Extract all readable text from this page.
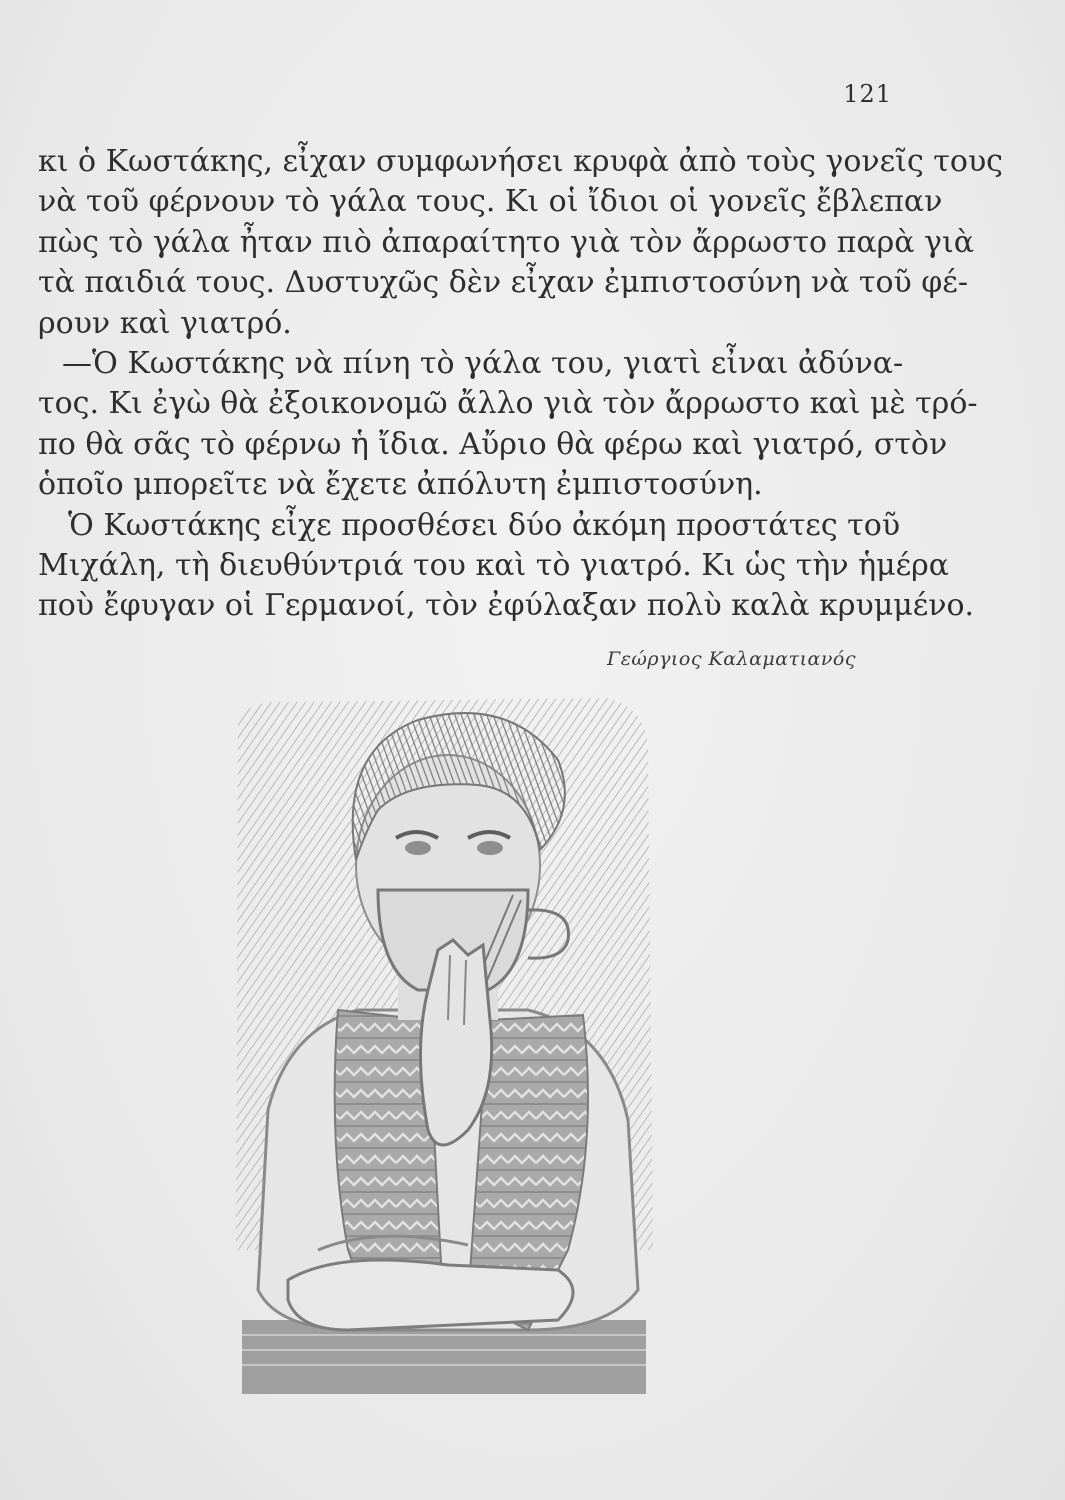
121
κι ὁ Κωστάκης, εἶχαν συμφωνήσει κρυφὰ ἀπὸ τοὺς γονεῖς τους
νὰ τοῦ φέρνουν τὸ γάλα τους. Κι οἱ ἴδιοι οἱ γονεῖς ἔβλεπαν
πὼς τὸ γάλα ἦταν πιὸ ἀπαραίτητο γιὰ τὸν ἄρρωστο παρὰ γιὰ
τὰ παιδιά τους. Δυστυχῶς δὲν εἶχαν ἐμπιστοσύνη νὰ τοῦ φέ-
ρουν καὶ γιατρό.
—Ὁ Κωστάκης νὰ πίνη τὸ γάλα του, γιατὶ εἶναι ἀδύνα-
τος. Κι ἐγὼ θὰ ἐξοικονομῶ ἄλλο γιὰ τὸν ἄρρωστο καὶ μὲ τρό-
πο θὰ σᾶς τὸ φέρνω ἡ ἴδια. Αὔριο θὰ φέρω καὶ γιατρό, στὸν
ὁποῖο μπορεῖτε νὰ ἔχετε ἀπόλυτη ἐμπιστοσύνη.
Ὁ Κωστάκης εἶχε προσθέσει δύο ἀκόμη προστάτες τοῦ
Μιχάλη, τὴ διευθύντριά του καὶ τὸ γιατρό. Κι ὡς τὴν ἡμέρα
ποὺ ἔφυγαν οἱ Γερμανοί, τὸν ἐφύλαξαν πολὺ καλὰ κρυμμένο.
Γεώργιος Καλαματιανός
